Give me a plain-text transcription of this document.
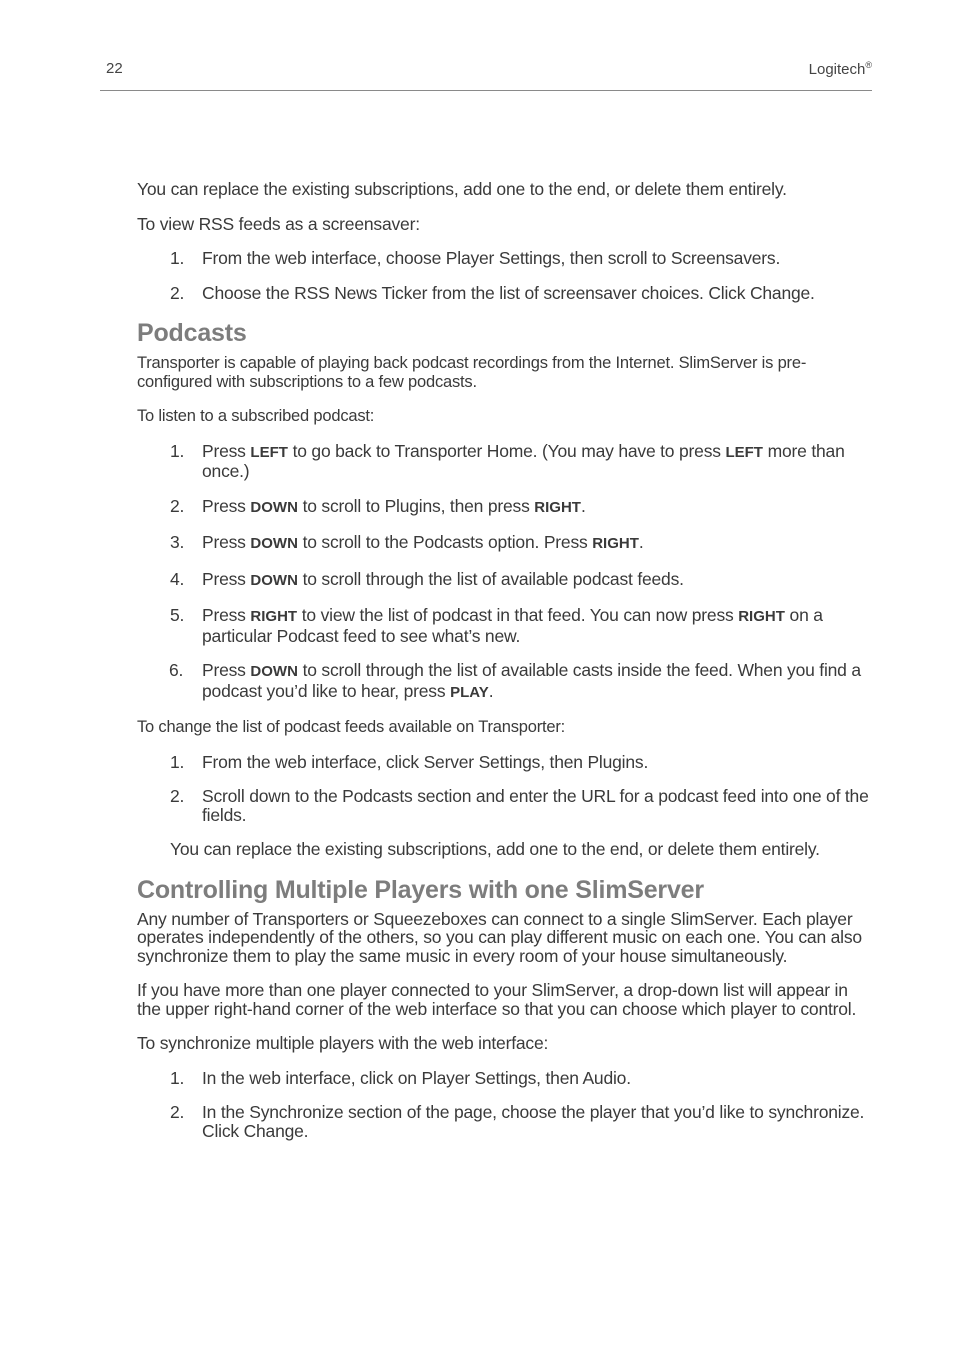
22	Logitech®

You can replace the existing subscriptions, add one to the end, or delete them entirely.

To view RSS feeds as a screensaver:

1. From the web interface, choose Player Settings, then scroll to Screensavers.
2. Choose the RSS News Ticker from the list of screensaver choices. Click Change.
Podcasts

Transporter is capable of playing back podcast recordings from the Internet. SlimServer is pre-configured with subscriptions to a few podcasts.

To listen to a subscribed podcast:

1. Press LEFT to go back to Transporter Home. (You may have to press LEFT more than once.)
2. Press DOWN to scroll to Plugins, then press RIGHT.
3. Press DOWN to scroll to the Podcasts option. Press RIGHT.
4. Press DOWN to scroll through the list of available podcast feeds.
5. Press RIGHT to view the list of podcast in that feed. You can now press RIGHT on a particular Podcast feed to see what’s new.
6. Press DOWN to scroll through the list of available casts inside the feed. When you find a podcast you’d like to hear, press PLAY.

To change the list of podcast feeds available on Transporter:

1. From the web interface, click Server Settings, then Plugins.
2. Scroll down to the Podcasts section and enter the URL for a podcast feed into one of the fields.

You can replace the existing subscriptions, add one to the end, or delete them entirely.

Controlling Multiple Players with one SlimServer

Any number of Transporters or Squeezeboxes can connect to a single SlimServer. Each player operates independently of the others, so you can play different music on each one. You can also synchronize them to play the same music in every room of your house simultaneously.

If you have more than one player connected to your SlimServer, a drop-down list will appear in the upper right-hand corner of the web interface so that you can choose which player to control.

To synchronize multiple players with the web interface:

1. In the web interface, click on Player Settings, then Audio.
2. In the Synchronize section of the page, choose the player that you’d like to synchronize. Click Change.
